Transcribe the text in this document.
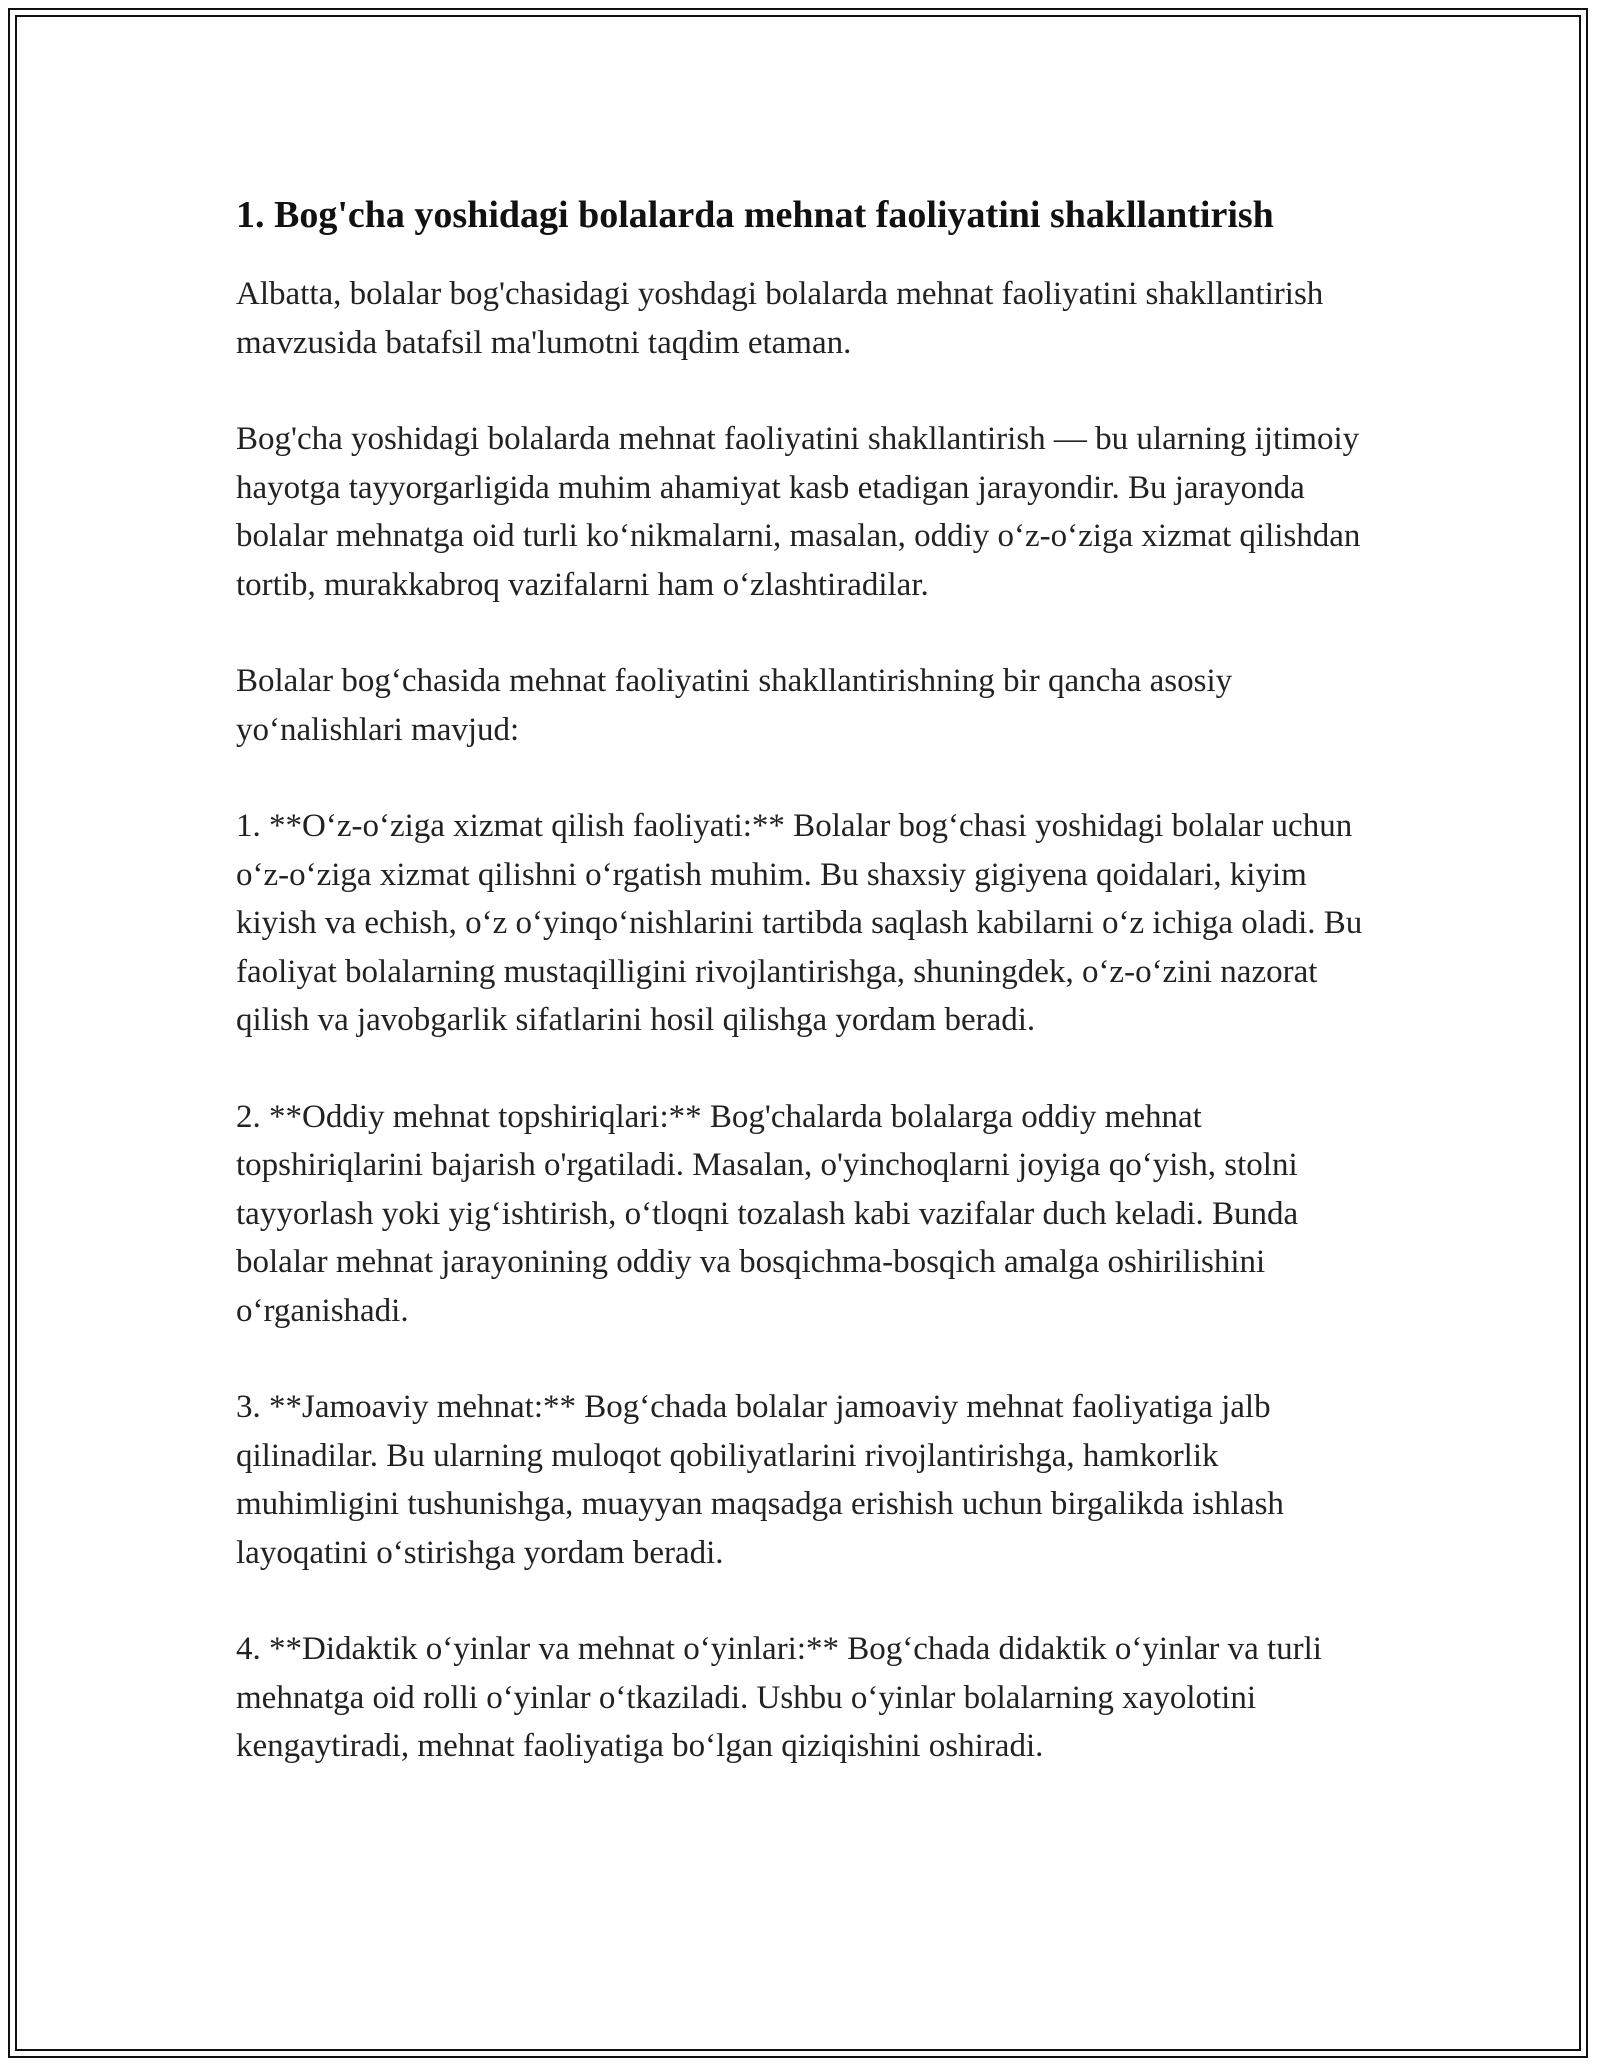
1. Bog'cha yoshidagi bolalarda mehnat faoliyatini shakllantirish

Albatta, bolalar bog'chasidagi yoshdagi bolalarda mehnat faoliyatini shakllantirish mavzusida batafsil ma'lumotni taqdim etaman.

Bog'cha yoshidagi bolalarda mehnat faoliyatini shakllantirish — bu ularning ijtimoiy hayotga tayyorgarligida muhim ahamiyat kasb etadigan jarayondir. Bu jarayonda bolalar mehnatga oid turli koʻnikmalarni, masalan, oddiy oʻz-oʻziga xizmat qilishdan tortib, murakkabroq vazifalarni ham oʻzlashtiradilar.

Bolalar bogʻchasida mehnat faoliyatini shakllantirishning bir qancha asosiy yoʻnalishlari mavjud:

1. **Oʻz-oʻziga xizmat qilish faoliyati:** Bolalar bogʻchasi yoshidagi bolalar uchun oʻz-oʻziga xizmat qilishni oʻrgatish muhim. Bu shaxsiy gigiyena qoidalari, kiyim kiyish va echish, oʻz oʻyinqoʻnishlarini tartibda saqlash kabilarni oʻz ichiga oladi. Bu faoliyat bolalarning mustaqilligini rivojlantirishga, shuningdek, oʻz-oʻzini nazorat qilish va javobgarlik sifatlarini hosil qilishga yordam beradi.

2. **Oddiy mehnat topshiriqlari:** Bog'chalarda bolalarga oddiy mehnat topshiriqlarini bajarish o'rgatiladi. Masalan, o'yinchoqlarni joyiga qoʻyish, stolni tayyorlash yoki yigʻishtirish, oʻtloqni tozalash kabi vazifalar duch keladi. Bunda bolalar mehnat jarayonining oddiy va bosqichma-bosqich amalga oshirilishini oʻrganishadi.

3. **Jamoaviy mehnat:** Bogʻchada bolalar jamoaviy mehnat faoliyatiga jalb qilinadilar. Bu ularning muloqot qobiliyatlarini rivojlantirishga, hamkorlik muhimligini tushunishga, muayyan maqsadga erishish uchun birgalikda ishlash layoqatini oʻstirishga yordam beradi.

4. **Didaktik oʻyinlar va mehnat oʻyinlari:** Bogʻchada didaktik oʻyinlar va turli mehnatga oid rolli oʻyinlar oʻtkaziladi. Ushbu oʻyinlar bolalarning xayolotini kengaytiradi, mehnat faoliyatiga boʻlgan qiziqishini oshiradi.
